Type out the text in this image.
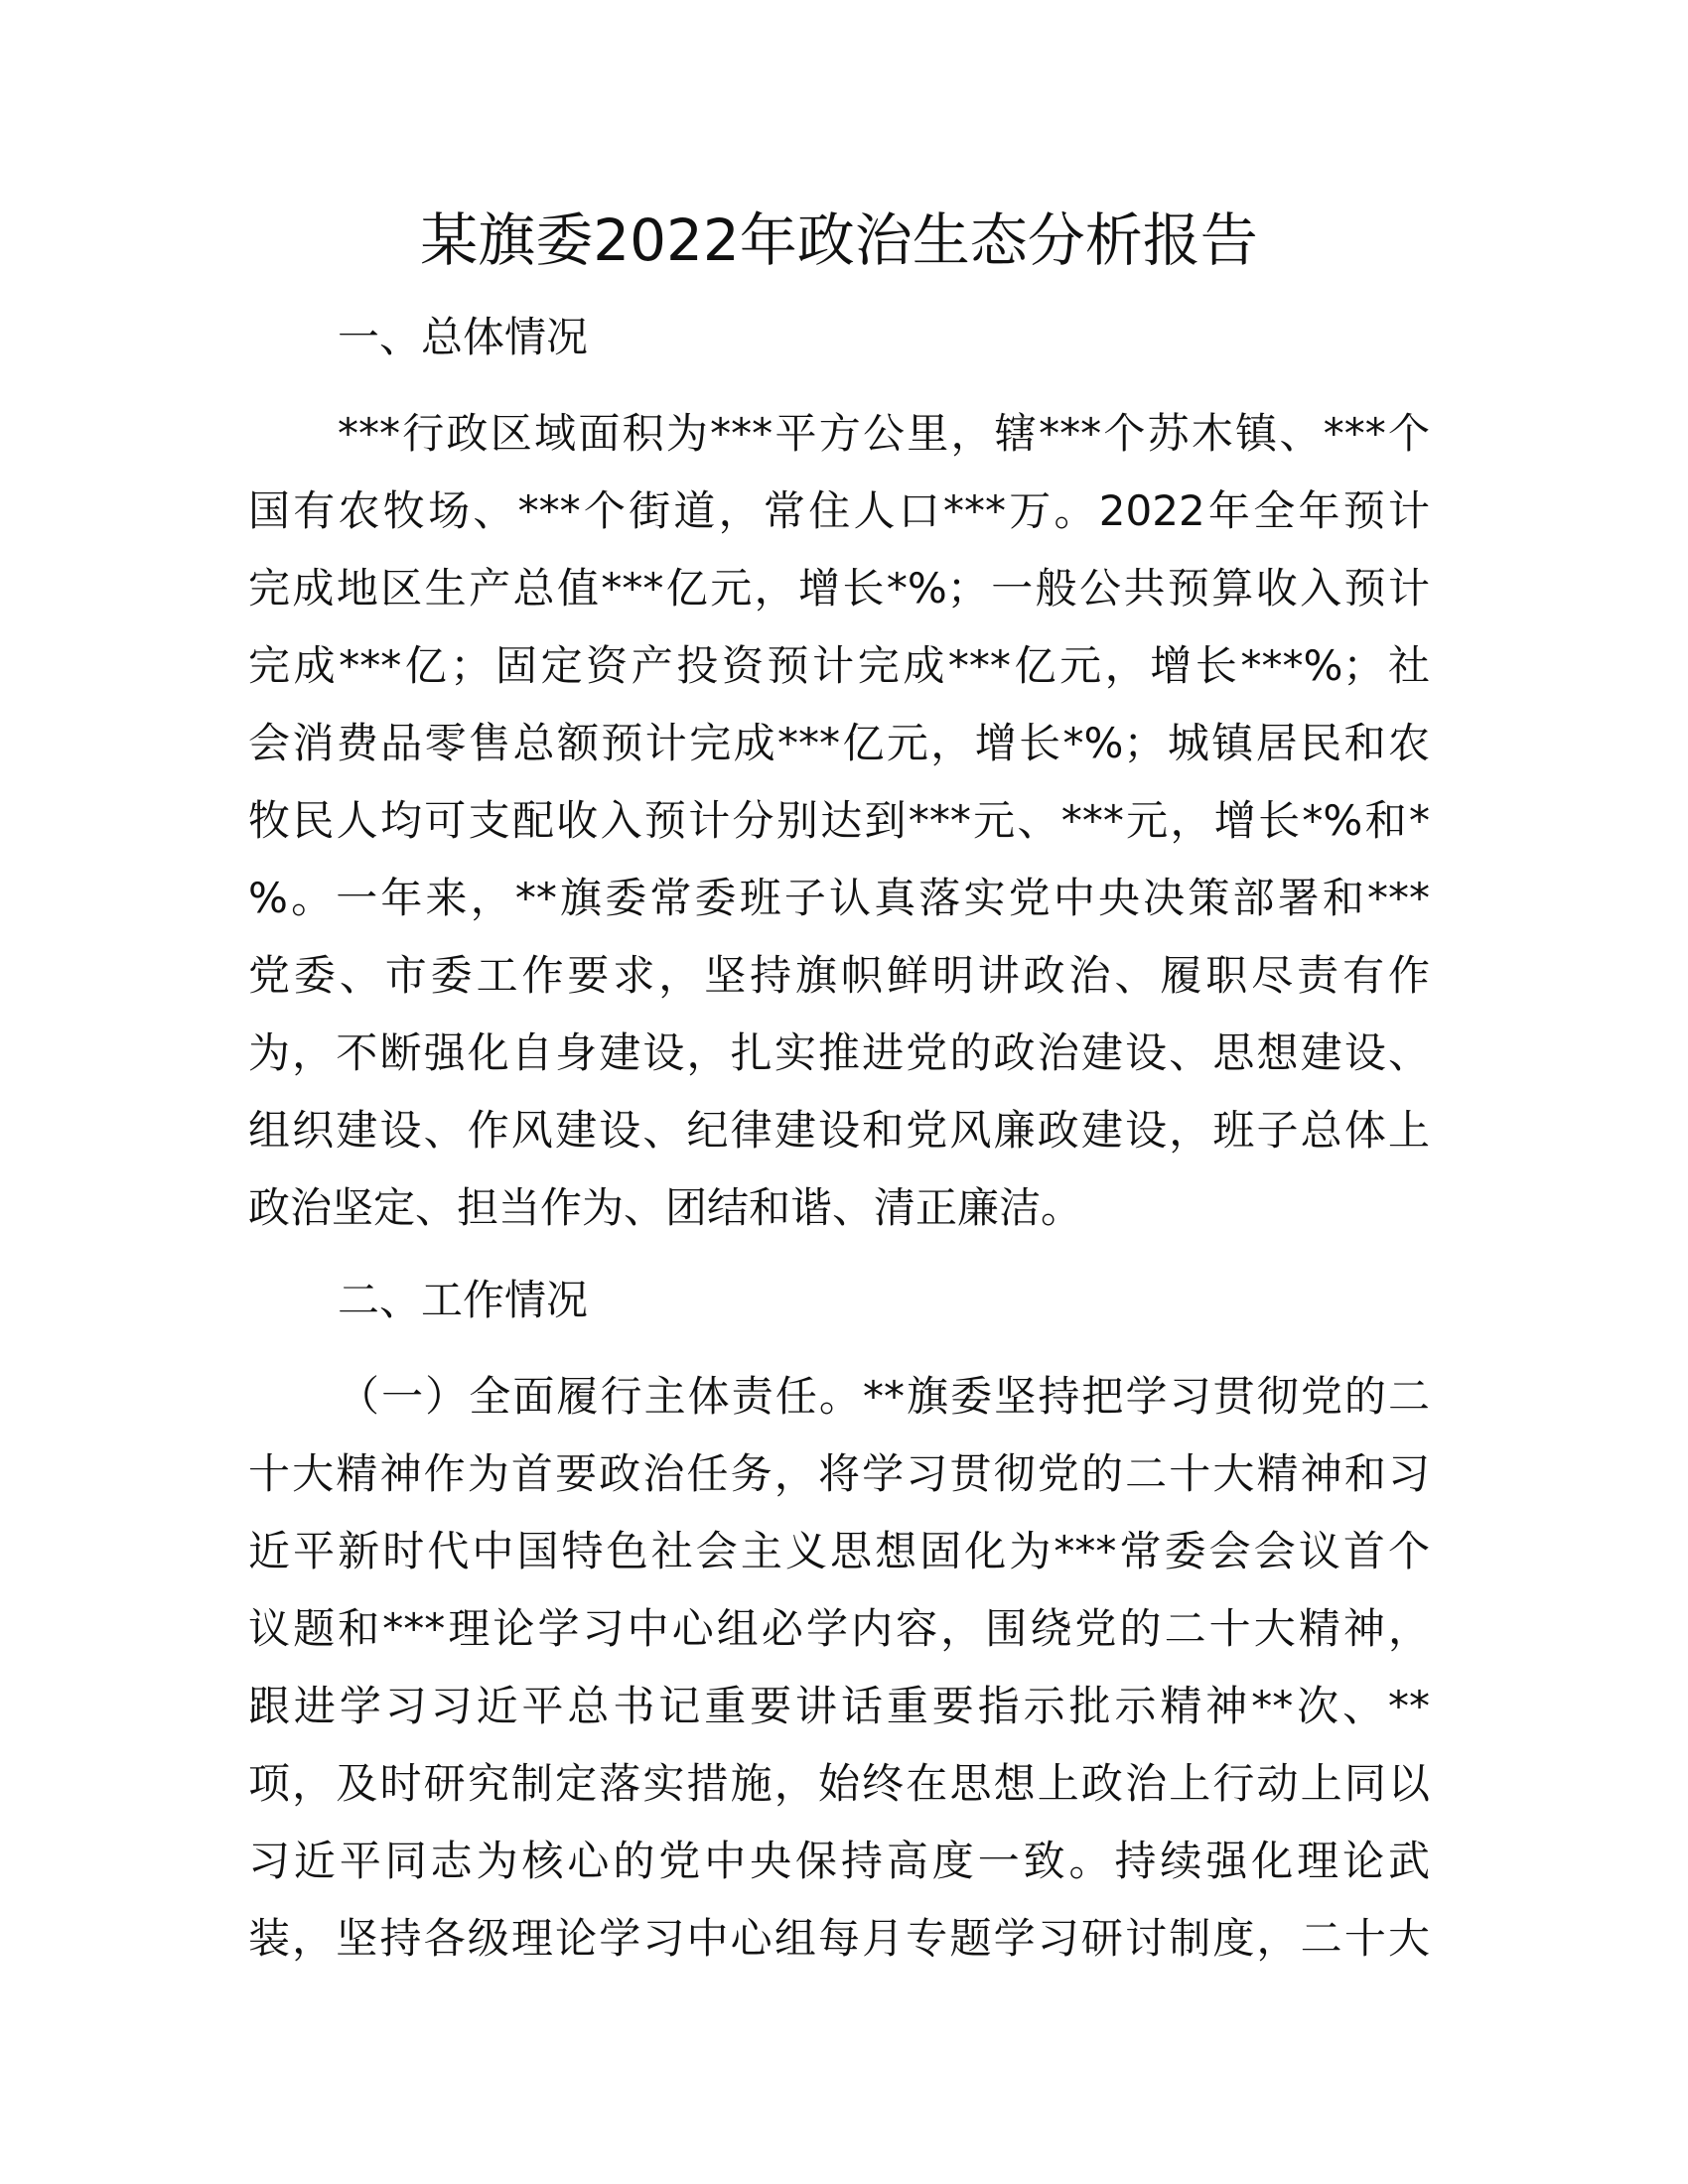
某旗委2022年政治生态分析报告
一、总体情况
***行政区域面积为***平方公里，辖***个苏木镇、***个
国有农牧场、***个街道，常住人口***万。2022年全年预计
完成地区生产总值***亿元，增长*%；一般公共预算收入预计
完成***亿；固定资产投资预计完成***亿元，增长***%；社
会消费品零售总额预计完成***亿元，增长*%；城镇居民和农
牧民人均可支配收入预计分别达到***元、***元，增长*%和*
%。一年来，**旗委常委班子认真落实党中央决策部署和***
党委、市委工作要求，坚持旗帜鲜明讲政治、履职尽责有作
为，不断强化自身建设，扎实推进党的政治建设、思想建设、
组织建设、作风建设、纪律建设和党风廉政建设，班子总体上
政治坚定、担当作为、团结和谐、清正廉洁。
二、工作情况
（一）全面履行主体责任。**旗委坚持把学习贯彻党的二
十大精神作为首要政治任务，将学习贯彻党的二十大精神和习
近平新时代中国特色社会主义思想固化为***常委会会议首个
议题和***理论学习中心组必学内容，围绕党的二十大精神，
跟进学习习近平总书记重要讲话重要指示批示精神**次、**
项，及时研究制定落实措施，始终在思想上政治上行动上同以
习近平同志为核心的党中央保持高度一致。持续强化理论武
装，坚持各级理论学习中心组每月专题学习研讨制度，二十大
